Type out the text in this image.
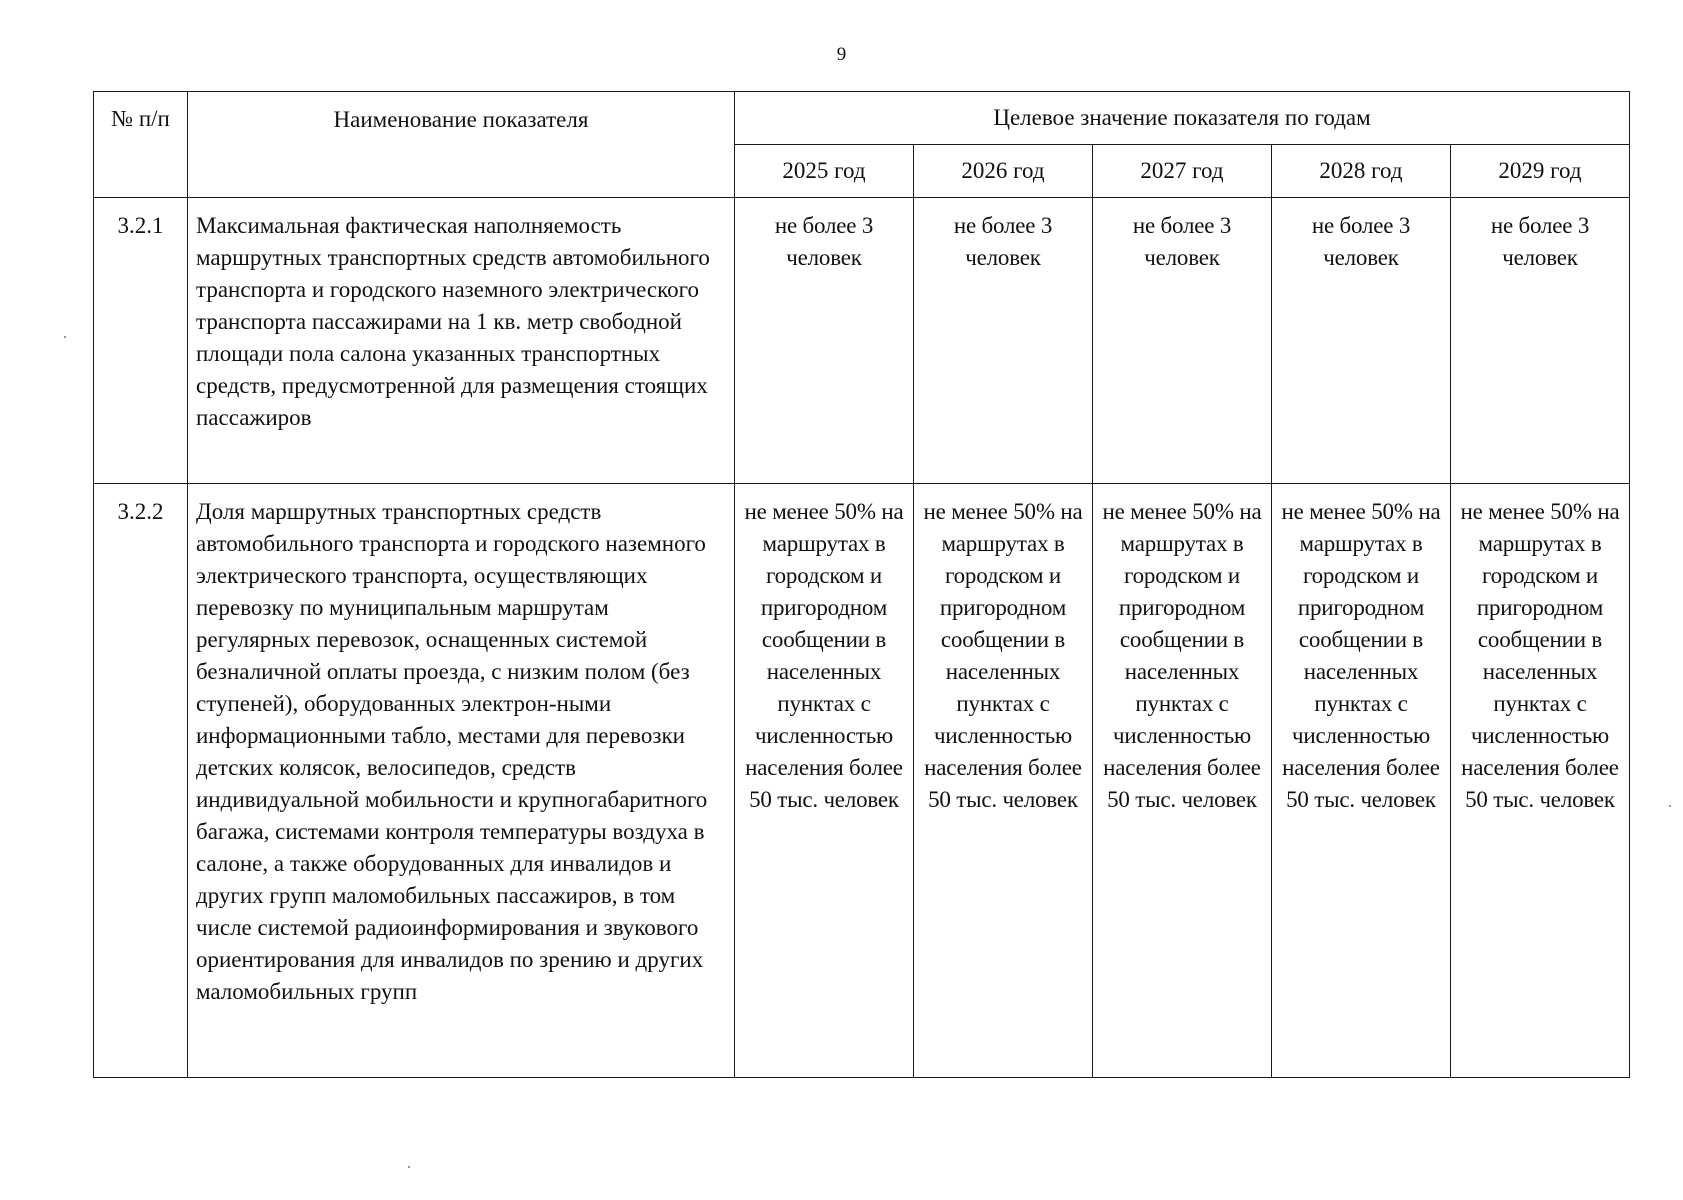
9
№ п/п	Наименование показателя	Целевое значение показателя по годам				
		2025 год	2026 год	2027 год	2028 год	2029 год
3.2.1	Максимальная фактическая наполняемость маршрутных транспортных средств автомобильного транспорта и городского наземного электрического транспорта пассажирами на 1 кв. метр свободной площади пола салона указанных транспортных средств, предусмотренной для размещения стоящих пассажиров	не более 3 человек	не более 3 человек	не более 3 человек	не более 3 человек	не более 3 человек
3.2.2	Доля маршрутных транспортных средств автомобильного транспорта и городского наземного электрического транспорта, осуществляющих перевозку по муниципальным маршрутам регулярных перевозок, оснащенных системой безналичной оплаты проезда, с низким полом (без ступеней), оборудованных электрон-ными информационными табло, местами для перевозки детских колясок, велосипедов, средств индивидуальной мобильности и крупногабаритного багажа, системами контроля температуры воздуха в салоне, а также оборудованных для инвалидов и других групп маломобильных пассажиров, в том числе системой радиоинформирования и звукового ориентирования для инвалидов по зрению и других маломобильных групп	не менее 50% на маршрутах в городском и пригородном сообщении в населенных пунктах с численностью населения более 50 тыс. человек	не менее 50% на маршрутах в городском и пригородном сообщении в населенных пунктах с численностью населения более 50 тыс. человек	не менее 50% на маршрутах в городском и пригородном сообщении в населенных пунктах с численностью населения более 50 тыс. человек	не менее 50% на маршрутах в городском и пригородном сообщении в населенных пунктах с численностью населения более 50 тыс. человек	не менее 50% на маршрутах в городском и пригородном сообщении в населенных пунктах с численностью населения более 50 тыс. человек
